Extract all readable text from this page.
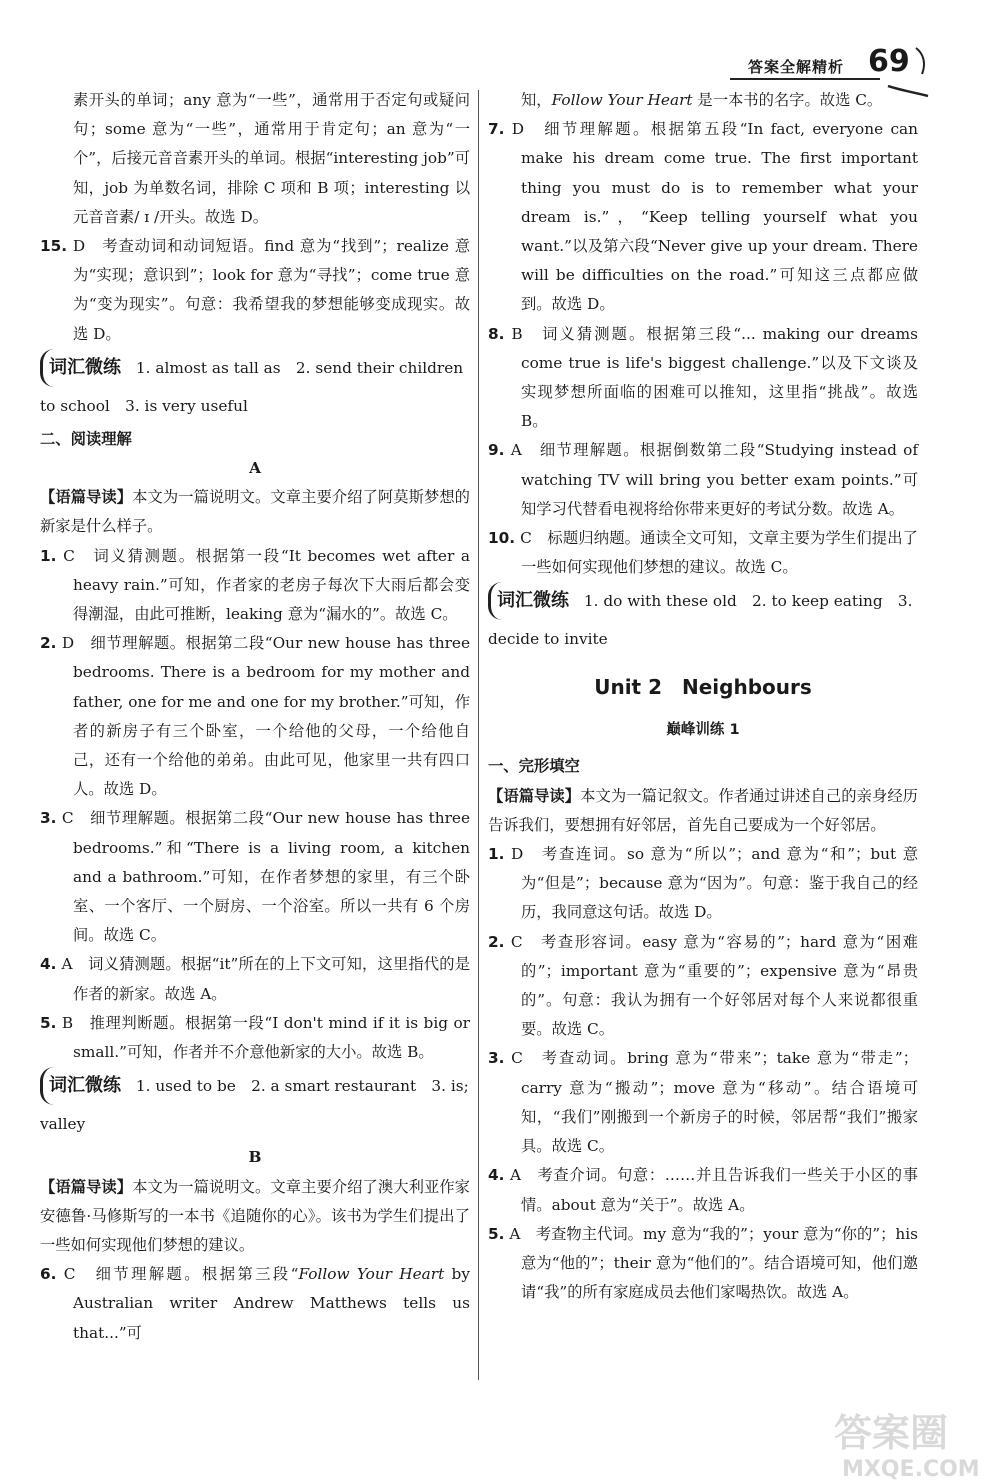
答案全解精析 69

素开头的单词；any 意为“一些”，通常用于否定句或疑问句；some 意为“一些”，通常用于肯定句；an 意为“一个”，后接元音音素开头的单词。根据“interesting job”可知，job 为单数名词，排除 C 项和 B 项；interesting 以元音音素/ ɪ /开头。故选 D。

15. D　考查动词和动词短语。find 意为“找到”；realize 意为“实现；意识到”；look for 意为“寻找”；come true 意为“变为现实”。句意：我希望我的梦想能够变成现实。故选 D。

词汇微练 1. almost as tall as　2. send their children to school　3. is very useful

二、阅读理解

A

【语篇导读】本文为一篇说明文。文章主要介绍了阿莫斯梦想的新家是什么样子。

1. C　词义猜测题。根据第一段“It becomes wet after a heavy rain.”可知，作者家的老房子每次下大雨后都会变得潮湿，由此可推断，leaking 意为“漏水的”。故选 C。

2. D　细节理解题。根据第二段“Our new house has three bedrooms. There is a bedroom for my mother and father, one for me and one for my brother.”可知，作者的新房子有三个卧室，一个给他的父母，一个给他自己，还有一个给他的弟弟。由此可见，他家里一共有四口人。故选 D。

3. C　细节理解题。根据第二段“Our new house has three bedrooms.”和“There is a living room, a kitchen and a bathroom.”可知，在作者梦想的家里，有三个卧室、一个客厅、一个厨房、一个浴室。所以一共有 6 个房间。故选 C。

4. A　词义猜测题。根据“it”所在的上下文可知，这里指代的是作者的新家。故选 A。

5. B　推理判断题。根据第一段“I don't mind if it is big or small.”可知，作者并不介意他新家的大小。故选 B。

词汇微练 1. used to be　2. a smart restaurant　3. is; valley

B

【语篇导读】本文为一篇说明文。文章主要介绍了澳大利亚作家安德鲁·马修斯写的一本书《追随你的心》。该书为学生们提出了一些如何实现他们梦想的建议。

6. C　细节理解题。根据第三段“Follow Your Heart by Australian writer Andrew Matthews tells us that...”可

知，Follow Your Heart 是一本书的名字。故选 C。

7. D　细节理解题。根据第五段“In fact, everyone can make his dream come true. The first important thing you must do is to remember what your dream is.”，“Keep telling yourself what you want.”以及第六段“Never give up your dream. There will be difficulties on the road.”可知这三点都应做到。故选 D。

8. B　词义猜测题。根据第三段“... making our dreams come true is life's biggest challenge.”以及下文谈及实现梦想所面临的困难可以推知，这里指“挑战”。故选 B。

9. A　细节理解题。根据倒数第二段“Studying instead of watching TV will bring you better exam points.”可知学习代替看电视将给你带来更好的考试分数。故选 A。

10. C　标题归纳题。通读全文可知，文章主要为学生们提出了一些如何实现他们梦想的建议。故选 C。

词汇微练 1. do with these old　2. to keep eating　3. decide to invite

Unit 2　Neighbours
巅峰训练 1

一、完形填空

【语篇导读】本文为一篇记叙文。作者通过讲述自己的亲身经历告诉我们，要想拥有好邻居，首先自己要成为一个好邻居。

1. D　考查连词。so 意为“所以”；and 意为“和”；but 意为“但是”；because 意为“因为”。句意：鉴于我自己的经历，我同意这句话。故选 D。

2. C　考查形容词。easy 意为“容易的”；hard 意为“困难的”；important 意为“重要的”；expensive 意为“昂贵的”。句意：我认为拥有一个好邻居对每个人来说都很重要。故选 C。

3. C　考查动词。bring 意为“带来”；take 意为“带走”；carry 意为“搬动”；move 意为“移动”。结合语境可知，“我们”刚搬到一个新房子的时候，邻居帮“我们”搬家具。故选 C。

4. A　考查介词。句意：……并且告诉我们一些关于小区的事情。about 意为“关于”。故选 A。

5. A　考查物主代词。my 意为“我的”；your 意为“你的”；his 意为“他的”；their 意为“他们的”。结合语境可知，他们邀请“我”的所有家庭成员去他们家喝热饮。故选 A。

答案圈
MXQE.COM
